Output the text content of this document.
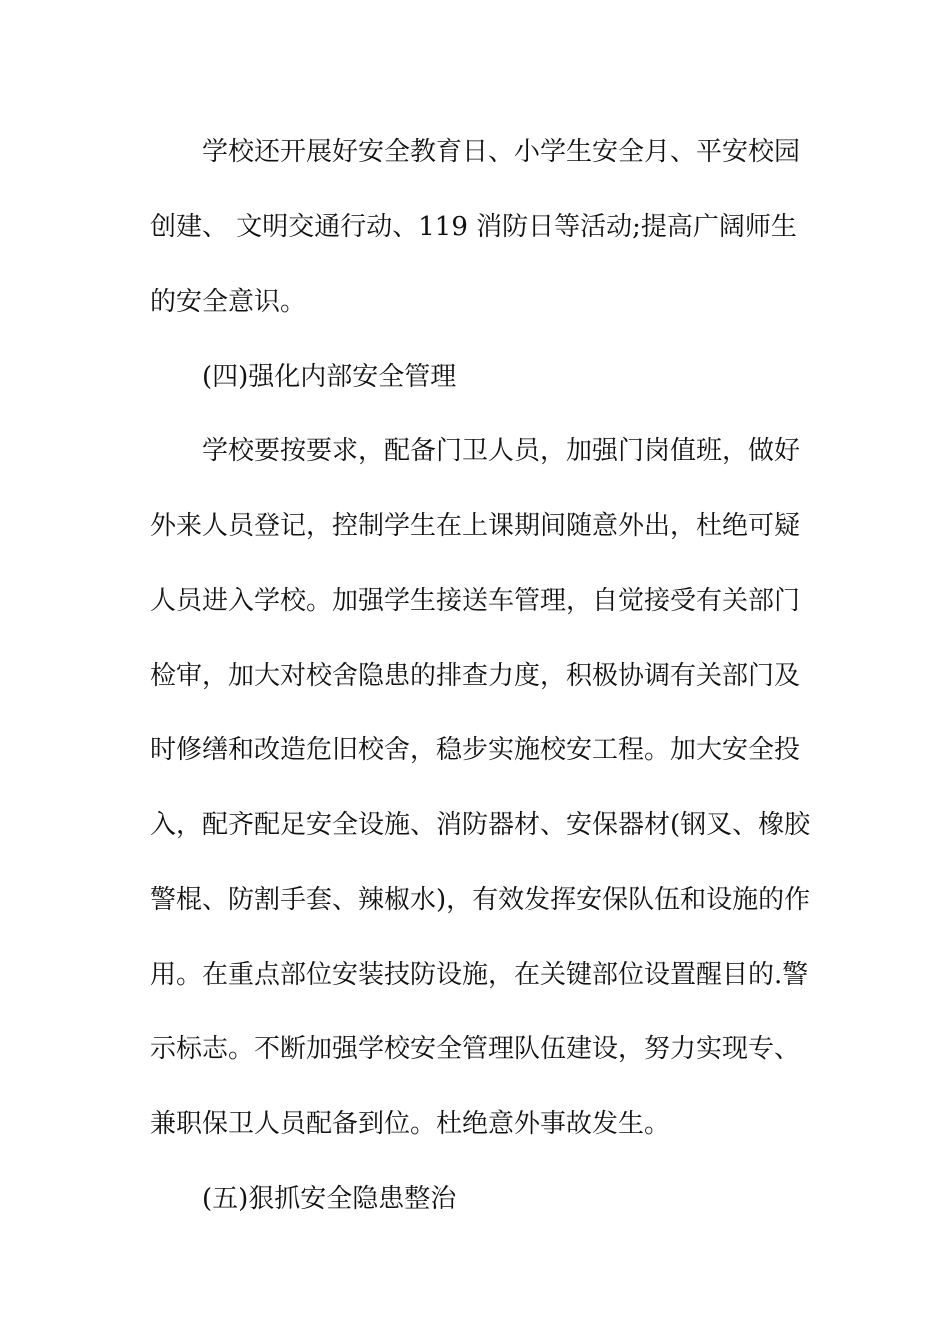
学校还开展好安全教育日、小学生安全月、平安校园
创建、 文明交通行动、119 消防日等活动;提高广阔师生
的安全意识。
(四)强化内部安全管理
学校要按要求，配备门卫人员，加强门岗值班，做好
外来人员登记，控制学生在上课期间随意外出，杜绝可疑
人员进入学校。加强学生接送车管理，自觉接受有关部门
检审，加大对校舍隐患的排查力度，积极协调有关部门及
时修缮和改造危旧校舍，稳步实施校安工程。加大安全投
入，配齐配足安全设施、消防器材、安保器材(钢叉、橡胶
警棍、防割手套、辣椒水)，有效发挥安保队伍和设施的作
用。在重点部位安装技防设施，在关键部位设置醒目的.警
示标志。不断加强学校安全管理队伍建设，努力实现专、
兼职保卫人员配备到位。杜绝意外事故发生。
(五)狠抓安全隐患整治
